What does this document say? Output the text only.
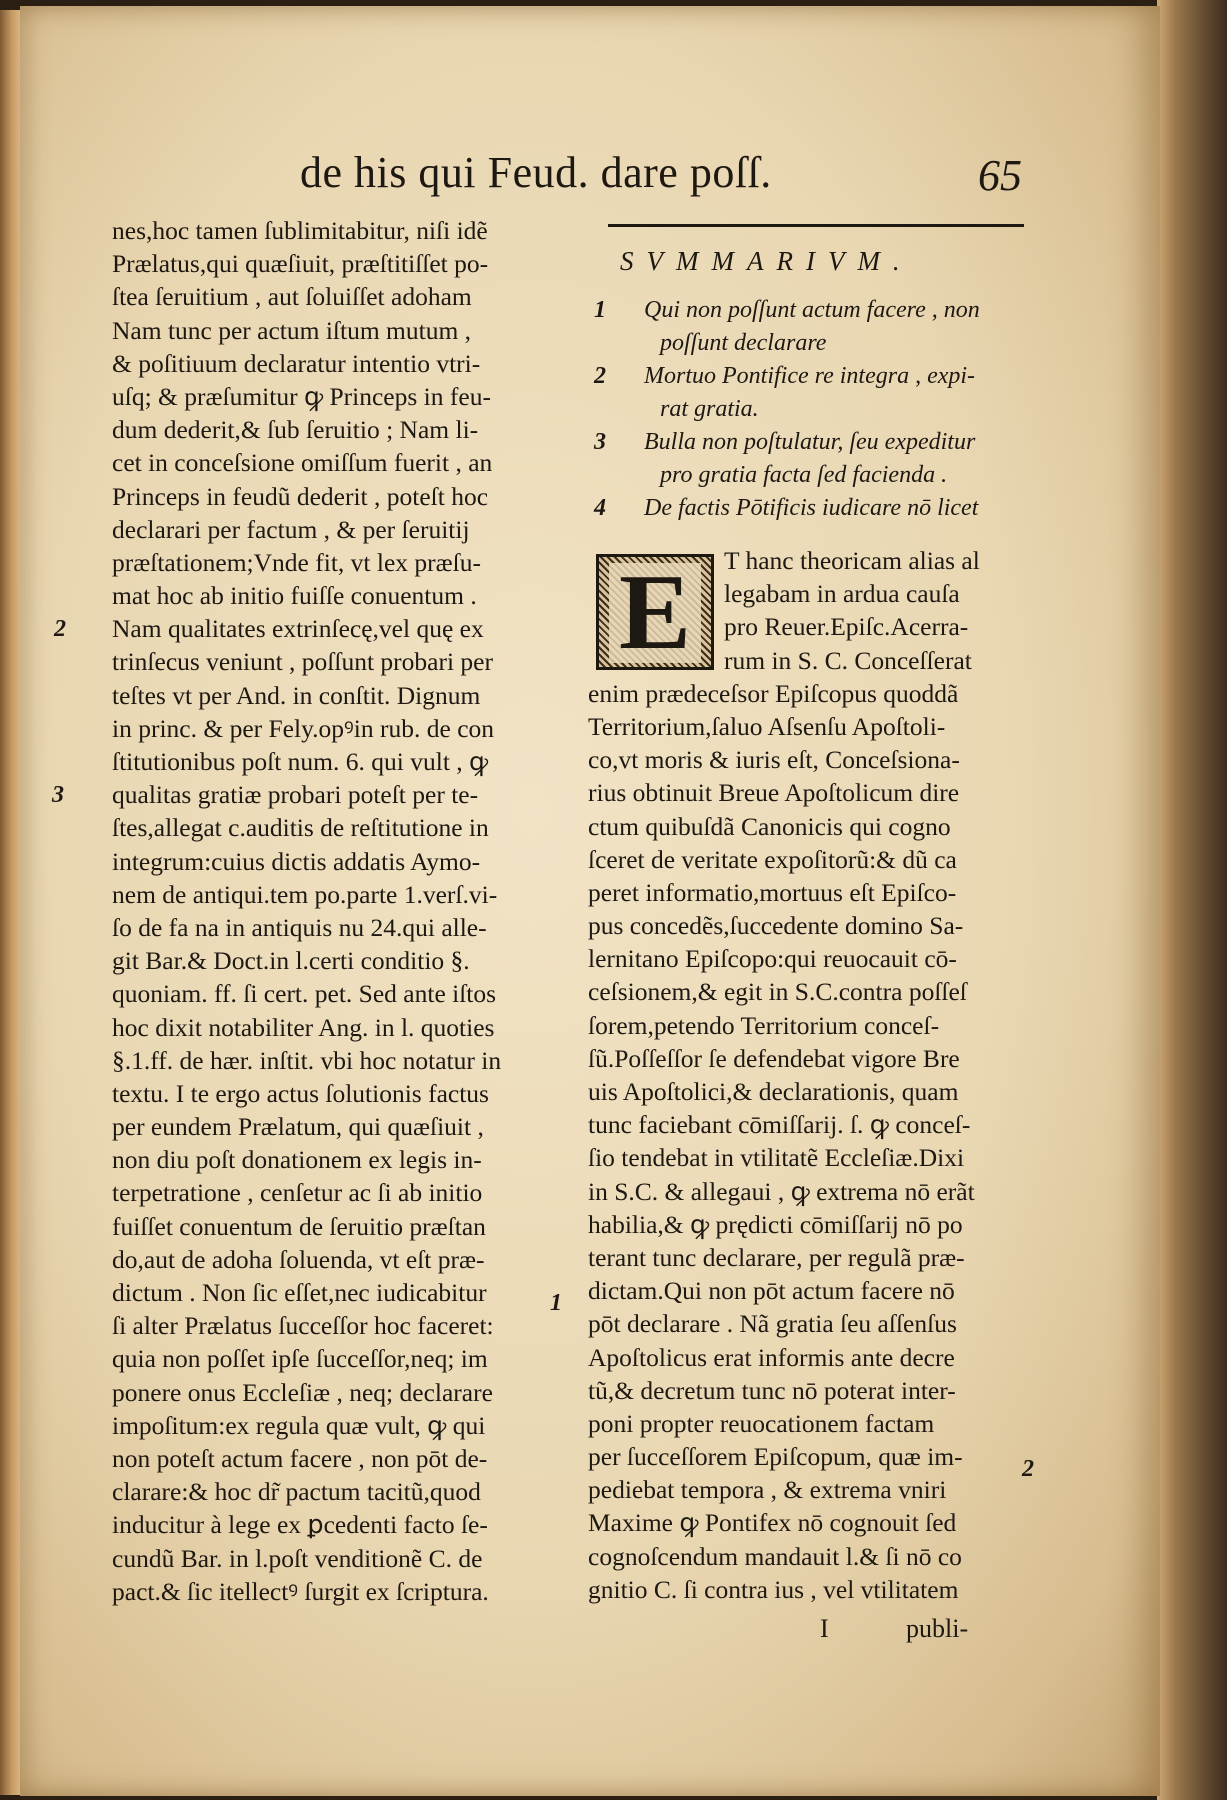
de his qui Feud. dare poſſ.	65
nes,hoc tamen ſublimitabitur, niſi idẽ
Prælatus,qui quæſiuit, præſtitiſſet po-
ſtea ſeruitium , aut ſoluiſſet adoham
Nam tunc per actum iſtum mutum ,
& poſitiuum declaratur intentio vtri-
uſq; & præſumitur ꝙ Princeps in feu-
dum dederit,& ſub ſeruitio ; Nam li-
cet in conceſsione omiſſum fuerit , an
Princeps in feudũ dederit , poteſt hoc
declarari per factum , & per ſeruitij
præſtationem;Vnde fit, vt lex præſu-
mat hoc ab initio fuiſſe conuentum .
Nam qualitates extrinſecę,vel quę ex
trinſecus veniunt , poſſunt probari per
teſtes vt per And. in conſtit. Dignum
in princ. & per Fely.opꝰin rub. de con
ſtitutionibus poſt num. 6. qui vult , ꝙ
qualitas gratiæ probari poteſt per te-
ſtes,allegat c.auditis de reſtitutione in
integrum:cuius dictis addatis Aymo-
nem de antiqui.tem po.parte 1.verſ.vi-
ſo de fa na in antiquis nu 24.qui alle-
git Bar.& Doct.in l.certi conditio §.
quoniam. ff. ſi cert. pet. Sed ante iſtos
hoc dixit notabiliter Ang. in l. quoties
§.1.ff. de hær. inſtit. vbi hoc notatur in
textu. I te ergo actus ſolutionis factus
per eundem Prælatum, qui quæſiuit ,
non diu poſt donationem ex legis in-
terpetratione , cenſetur ac ſi ab initio
fuiſſet conuentum de ſeruitio præſtan
do,aut de adoha ſoluenda, vt eſt præ-
dictum . Non ſic eſſet,nec iudicabitur
ſi alter Prælatus ſucceſſor hoc faceret:
quia non poſſet ipſe ſucceſſor,neq; im
ponere onus Eccleſiæ , neq; declarare
impoſitum:ex regula quæ vult, ꝙ qui
non poteſt actum facere , non pōt de-
clarare:& hoc dr̃ pactum tacitũ,quod
inducitur à lege ex ꝑcedenti facto ſe-
cundũ Bar. in l.poſt venditionẽ C. de
pact.& ſic itellectꝰ ſurgit ex ſcriptura.
2
3
SVMMARIVM.
1 Qui non poſſunt actum facere , non
poſſunt declarare
2 Mortuo Pontifice re integra , expi-
rat gratia.
3 Bulla non poſtulatur, ſeu expeditur
pro gratia facta ſed facienda .
4 De factis Pōtificis iudicare nō licet
E	T hanc theoricam alias al
legabam in ardua cauſa
pro Reuer.Epiſc.Acerra-
rum in S. C. Conceſſerat
enim prædeceſsor Epiſcopus quoddã
Territorium,ſaluo Aſsenſu Apoſtoli-
co,vt moris & iuris eſt, Conceſsiona-
rius obtinuit Breue Apoſtolicum dire
ctum quibuſdã Canonicis qui cogno
ſceret de veritate expoſitorũ:& dũ ca
peret informatio,mortuus eſt Epiſco-
pus concedẽs,ſuccedente domino Sa-
lernitano Epiſcopo:qui reuocauit cō-
ceſsionem,& egit in S.C.contra poſſeſ
ſorem,petendo Territorium conceſ-
ſũ.Poſſeſſor ſe defendebat vigore Bre
uis Apoſtolici,& declarationis, quam
tunc faciebant cōmiſſarij. ſ. ꝙ conceſ-
ſio tendebat in vtilitatẽ Eccleſiæ.Dixi
in S.C. & allegaui , ꝙ extrema nō erãt
habilia,& ꝙ prędicti cōmiſſarij nō po
terant tunc declarare, per regulã præ-
dictam.Qui non pōt actum facere nō
pōt declarare . Nã gratia ſeu aſſenſus
Apoſtolicus erat informis ante decre
tũ,& decretum tunc nō poterat inter-
poni propter reuocationem factam
per ſucceſſorem Epiſcopum, quæ im-
pediebat tempora , & extrema vniri
Maxime ꝙ Pontifex nō cognouit ſed
cognoſcendum mandauit l.& ſi nō co
gnitio C. ſi contra ius , vel vtilitatem
1
2
I	publi-
